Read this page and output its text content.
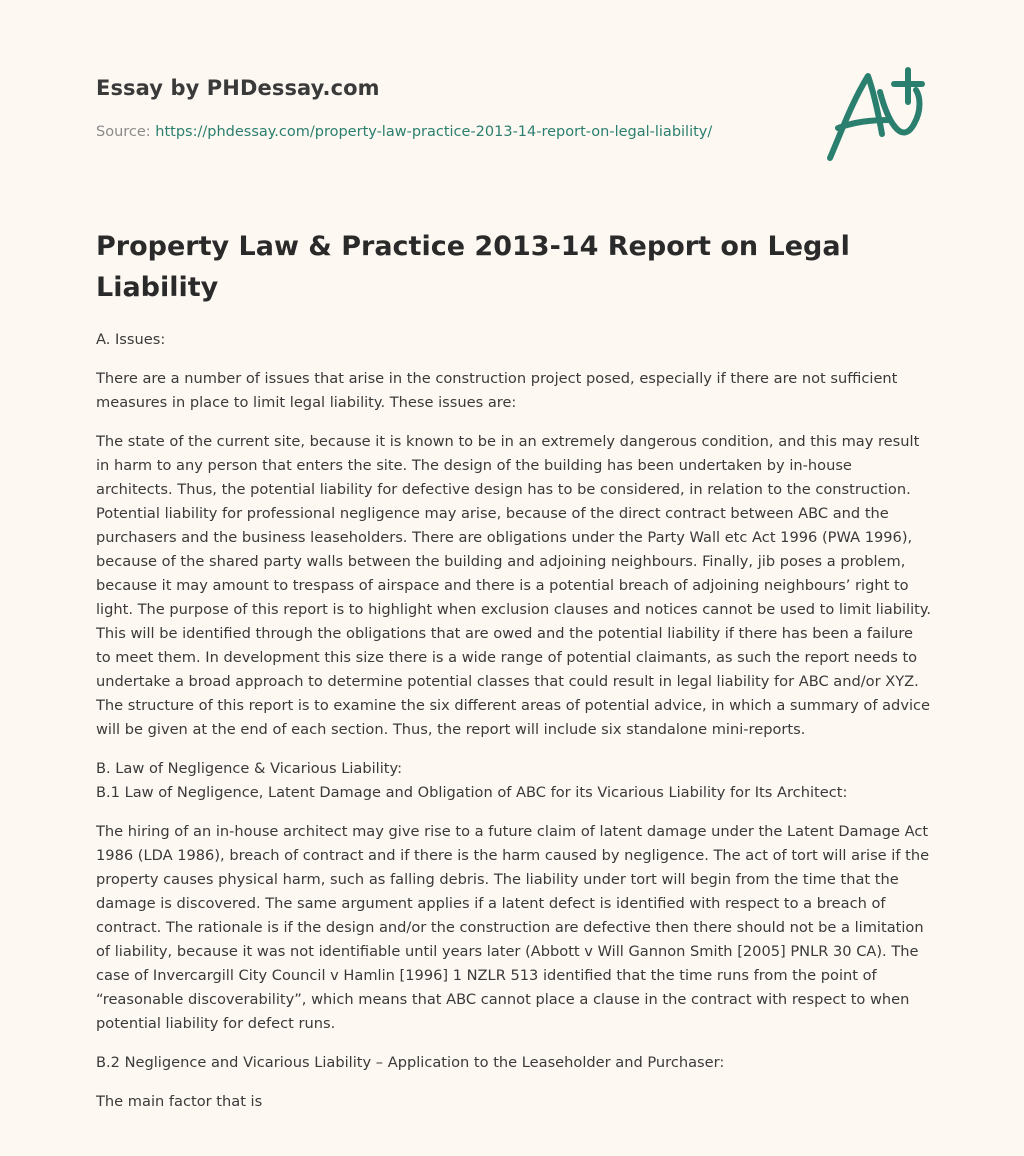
Essay by PHDessay.com
Source: https://phdessay.com/property-law-practice-2013-14-report-on-legal-liability/
Property Law & Practice 2013-14 Report on Legal Liability

A. Issues:

There are a number of issues that arise in the construction project posed, especially if there are not sufficient measures in place to limit legal liability. These issues are:

The state of the current site, because it is known to be in an extremely dangerous condition, and this may result in harm to any person that enters the site. The design of the building has been undertaken by in-house architects. Thus, the potential liability for defective design has to be considered, in relation to the construction. Potential liability for professional negligence may arise, because of the direct contract between ABC and the purchasers and the business leaseholders. There are obligations under the Party Wall etc Act 1996 (PWA 1996), because of the shared party walls between the building and adjoining neighbours. Finally, jib poses a problem, because it may amount to trespass of airspace and there is a potential breach of adjoining neighbours’ right to light. The purpose of this report is to highlight when exclusion clauses and notices cannot be used to limit liability. This will be identified through the obligations that are owed and the potential liability if there has been a failure to meet them. In development this size there is a wide range of potential claimants, as such the report needs to undertake a broad approach to determine potential classes that could result in legal liability for ABC and/or XYZ. The structure of this report is to examine the six different areas of potential advice, in which a summary of advice will be given at the end of each section. Thus, the report will include six standalone mini-reports.

B. Law of Negligence & Vicarious Liability:

B.1 Law of Negligence, Latent Damage and Obligation of ABC for its Vicarious Liability for Its Architect:

The hiring of an in-house architect may give rise to a future claim of latent damage under the Latent Damage Act 1986 (LDA 1986), breach of contract and if there is the harm caused by negligence. The act of tort will arise if the property causes physical harm, such as falling debris. The liability under tort will begin from the time that the damage is discovered. The same argument applies if a latent defect is identified with respect to a breach of contract. The rationale is if the design and/or the construction are defective then there should not be a limitation of liability, because it was not identifiable until years later (Abbott v Will Gannon Smith [2005] PNLR 30 CA). The case of Invercargill City Council v Hamlin [1996] 1 NZLR 513 identified that the time runs from the point of “reasonable discoverability”, which means that ABC cannot place a clause in the contract with respect to when potential liability for defect runs.

B.2 Negligence and Vicarious Liability – Application to the Leaseholder and Purchaser:

The main factor that is
